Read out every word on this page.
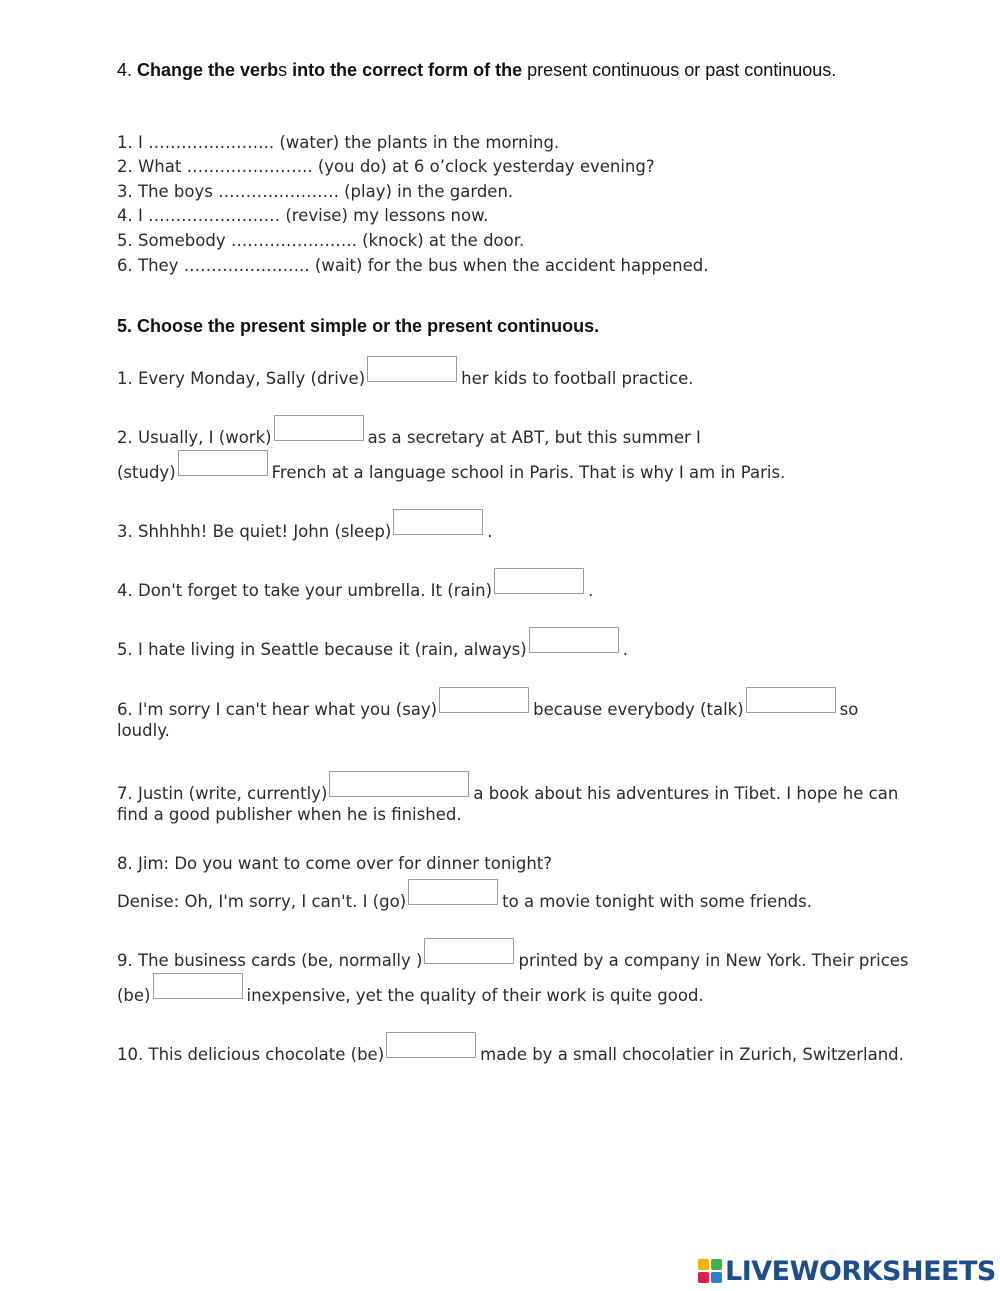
4. Change the verbs into the correct form of the present continuous or past continuous.
1. I ………………….. (water) the plants in the morning.
2. What ………………….. (you do) at 6 o’clock yesterday evening?
3. The boys …………………. (play) in the garden.
4. I …………………… (revise) my lessons now.
5. Somebody ………………….. (knock) at the door.
6. They ………………….. (wait) for the bus when the accident happened.
5. Choose the present simple or the present continuous.
1. Every Monday, Sally (drive)	her kids to football practice.
2. Usually, I (work)	as a secretary at ABT, but this summer I
(study)	French at a language school in Paris. That is why I am in Paris.
3. Shhhhh! Be quiet! John (sleep)	.
4. Don't forget to take your umbrella. It (rain)	.
5. I hate living in Seattle because it (rain, always)	.
6. I'm sorry I can't hear what you (say)	because everybody (talk)	so
loudly.
7. Justin (write, currently)	a book about his adventures in Tibet. I hope he can
find a good publisher when he is finished.
8. Jim: Do you want to come over for dinner tonight?
Denise: Oh, I'm sorry, I can't. I (go)	to a movie tonight with some friends.
9. The business cards (be, normally )	printed by a company in New York. Their prices
(be)	inexpensive, yet the quality of their work is quite good.
10. This delicious chocolate (be)	made by a small chocolatier in Zurich, Switzerland.
LIVEWORKSHEETS
